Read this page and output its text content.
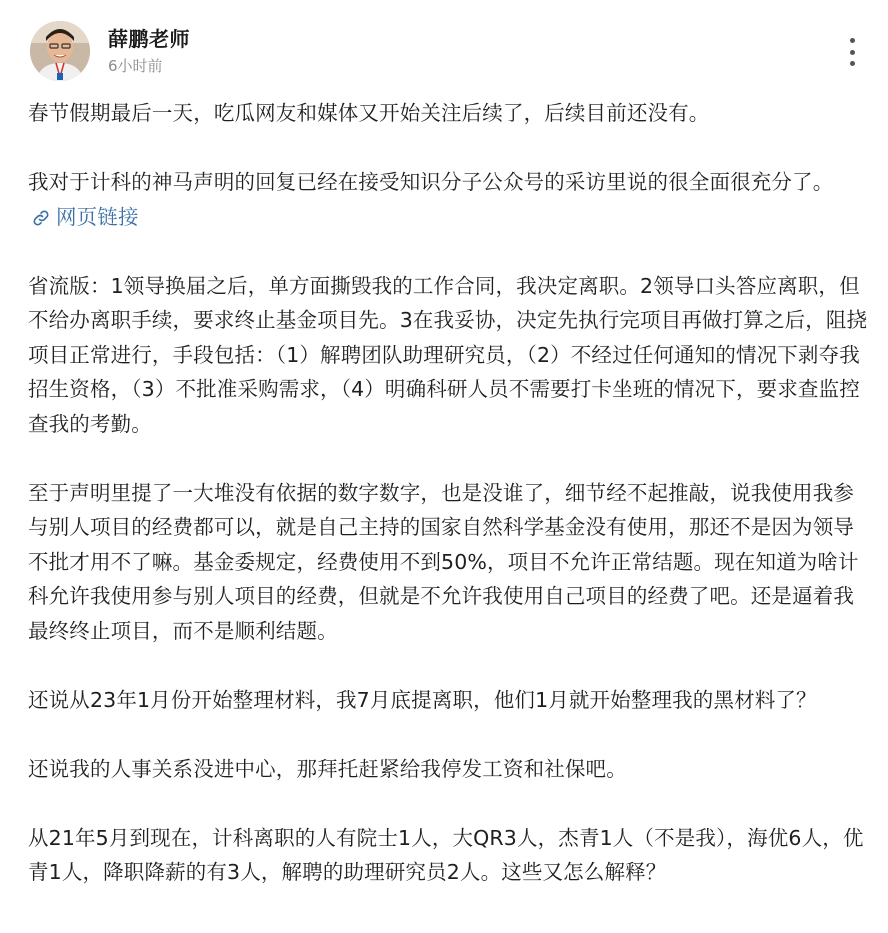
薛鹏老师
6小时前

春节假期最后一天，吃瓜网友和媒体又开始关注后续了，后续目前还没有。

我对于计科的神马声明的回复已经在接受知识分子公众号的采访里说的很全面很充分了。网页链接

省流版：1领导换届之后，单方面撕毁我的工作合同，我决定离职。2领导口头答应离职，但不给办离职手续，要求终止基金项目先。3在我妥协，决定先执行完项目再做打算之后，阻挠项目正常进行，手段包括：（1）解聘团队助理研究员，（2）不经过任何通知的情况下剥夺我招生资格，（3）不批准采购需求，（4）明确科研人员不需要打卡坐班的情况下，要求查监控查我的考勤。

至于声明里提了一大堆没有依据的数字数字，也是没谁了，细节经不起推敲，说我使用我参与别人项目的经费都可以，就是自己主持的国家自然科学基金没有使用，那还不是因为领导不批才用不了嘛。基金委规定，经费使用不到50%，项目不允许正常结题。现在知道为啥计科允许我使用参与别人项目的经费，但就是不允许我使用自己项目的经费了吧。还是逼着我最终终止项目，而不是顺利结题。

还说从23年1月份开始整理材料，我7月底提离职，他们1月就开始整理我的黑材料了？

还说我的人事关系没进中心，那拜托赶紧给我停发工资和社保吧。

从21年5月到现在，计科离职的人有院士1人，大QR3人，杰青1人（不是我），海优6人，优青1人，降职降薪的有3人，解聘的助理研究员2人。这些又怎么解释？
